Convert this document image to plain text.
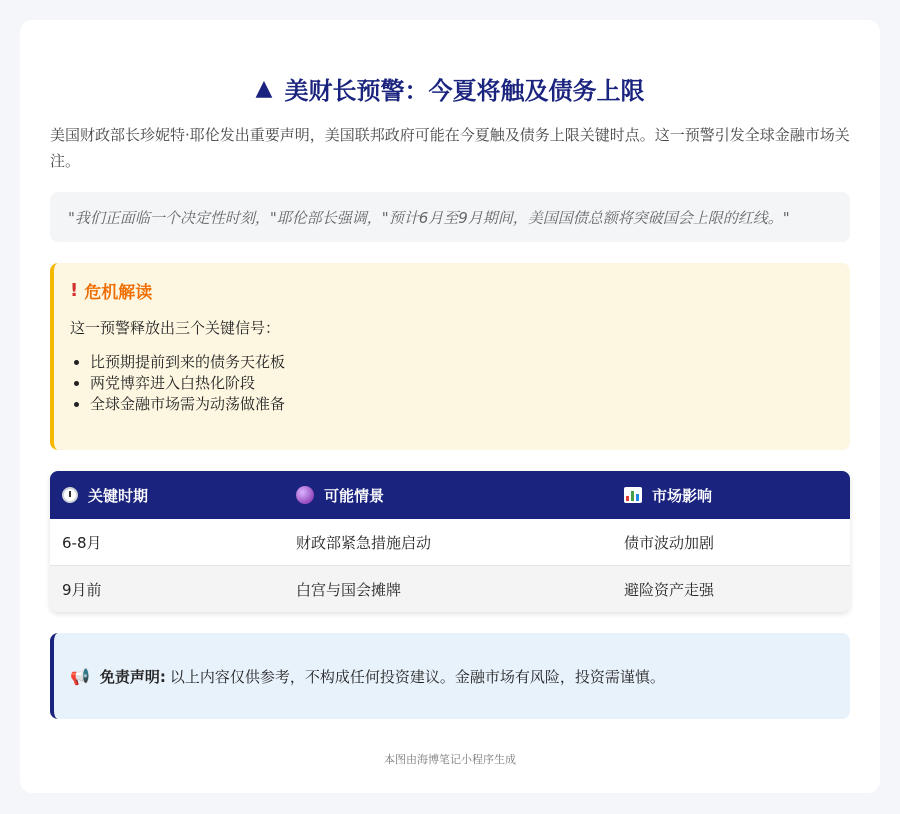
▲ 美财长预警：今夏将触及债务上限
美国财政部长珍妮特·耶伦发出重要声明，美国联邦政府可能在今夏触及债务上限关键时点。这一预警引发全球金融市场关注。
"我们正面临一个决定性时刻，"耶伦部长强调，"预计6月至9月期间，美国国债总额将突破国会上限的红线。"
! 危机解读
这一预警释放出三个关键信号：
• 比预期提前到来的债务天花板
• 两党博弈进入白热化阶段
• 全球金融市场需为动荡做准备
关键时期	可能情景	市场影响
6-8月	财政部紧急措施启动	债市波动加剧
9月前	白宫与国会摊牌	避险资产走强
📢 免责声明: 以上内容仅供参考，不构成任何投资建议。金融市场有风险，投资需谨慎。
本图由海博笔记小程序生成
